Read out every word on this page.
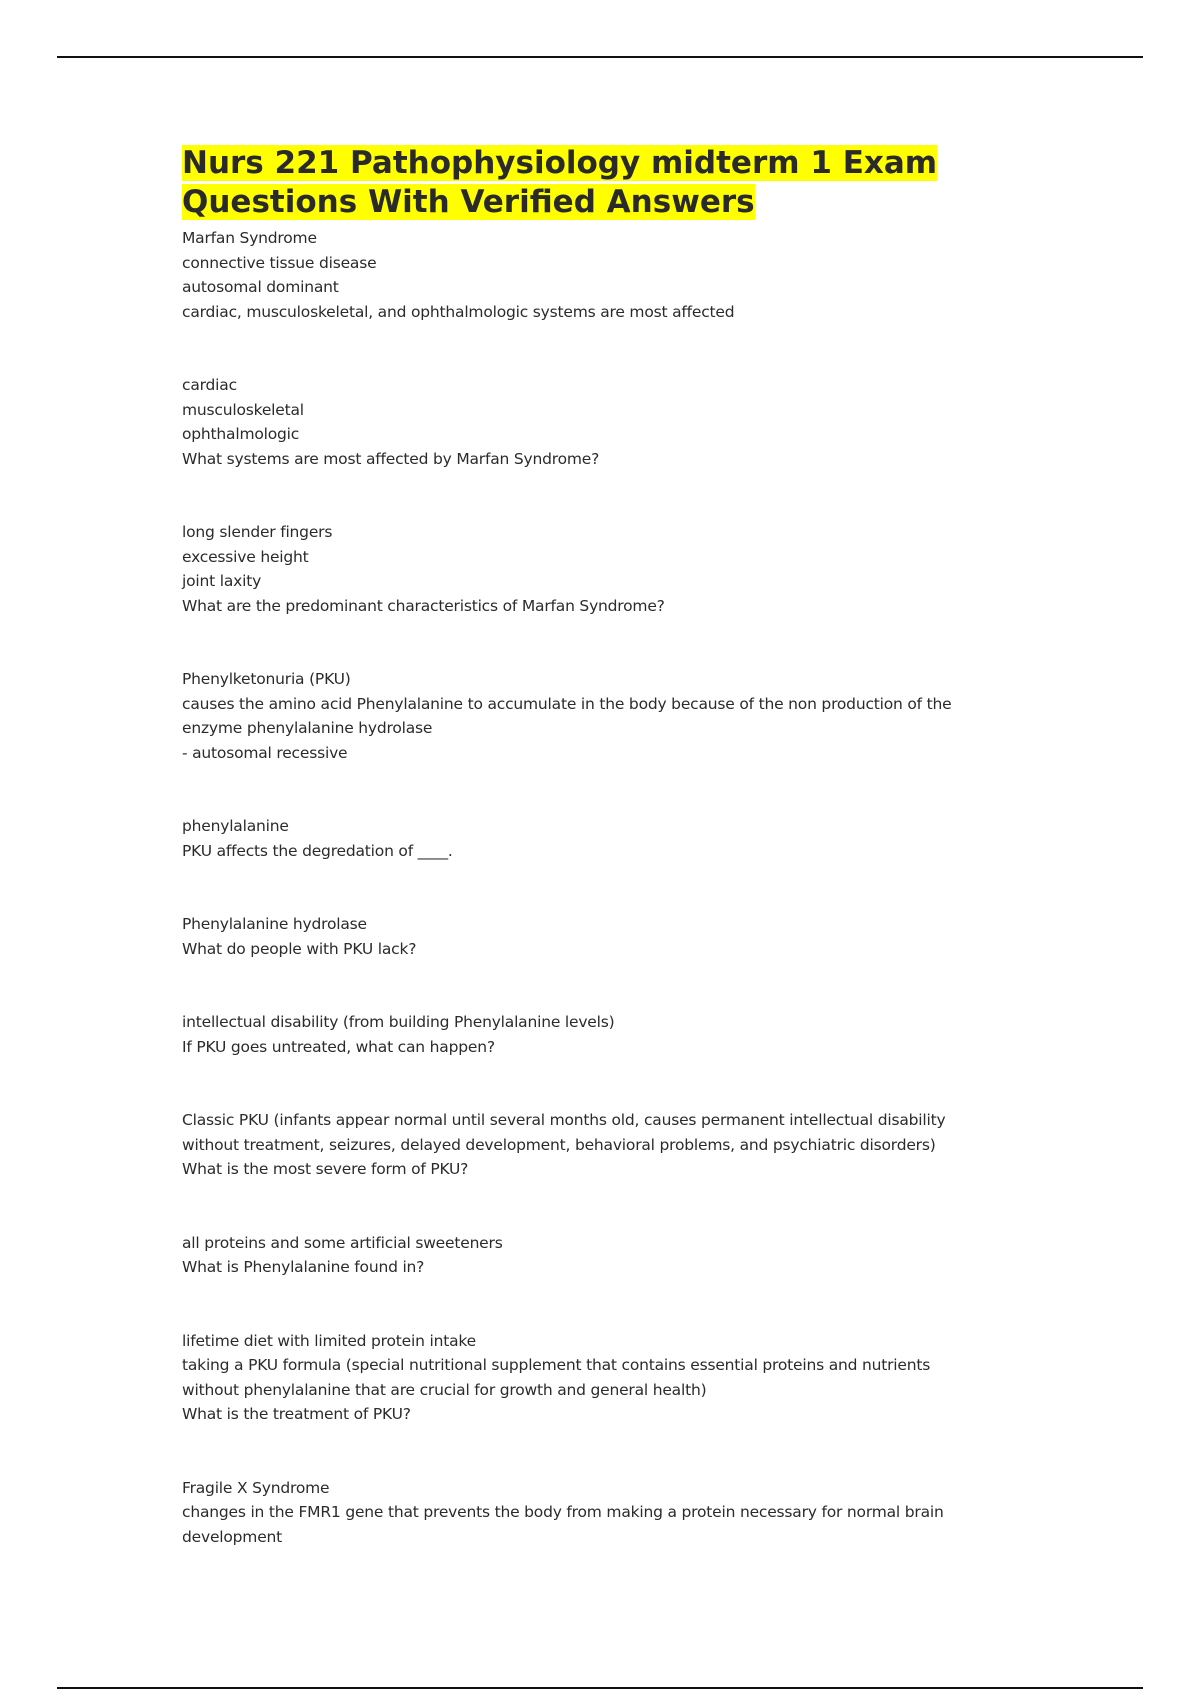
Nurs 221 Pathophysiology midterm 1 Exam
Questions With Verified Answers
Marfan Syndrome
connective tissue disease
autosomal dominant
cardiac, musculoskeletal, and ophthalmologic systems are most affected
cardiac
musculoskeletal
ophthalmologic
What systems are most affected by Marfan Syndrome?
long slender fingers
excessive height
joint laxity
What are the predominant characteristics of Marfan Syndrome?
Phenylketonuria (PKU)
causes the amino acid Phenylalanine to accumulate in the body because of the non production of the
enzyme phenylalanine hydrolase
- autosomal recessive
phenylalanine
PKU affects the degredation of ____.
Phenylalanine hydrolase
What do people with PKU lack?
intellectual disability (from building Phenylalanine levels)
If PKU goes untreated, what can happen?
Classic PKU (infants appear normal until several months old, causes permanent intellectual disability
without treatment, seizures, delayed development, behavioral problems, and psychiatric disorders)
What is the most severe form of PKU?
all proteins and some artificial sweeteners
What is Phenylalanine found in?
lifetime diet with limited protein intake
taking a PKU formula (special nutritional supplement that contains essential proteins and nutrients
without phenylalanine that are crucial for growth and general health)
What is the treatment of PKU?
Fragile X Syndrome
changes in the FMR1 gene that prevents the body from making a protein necessary for normal brain
development
